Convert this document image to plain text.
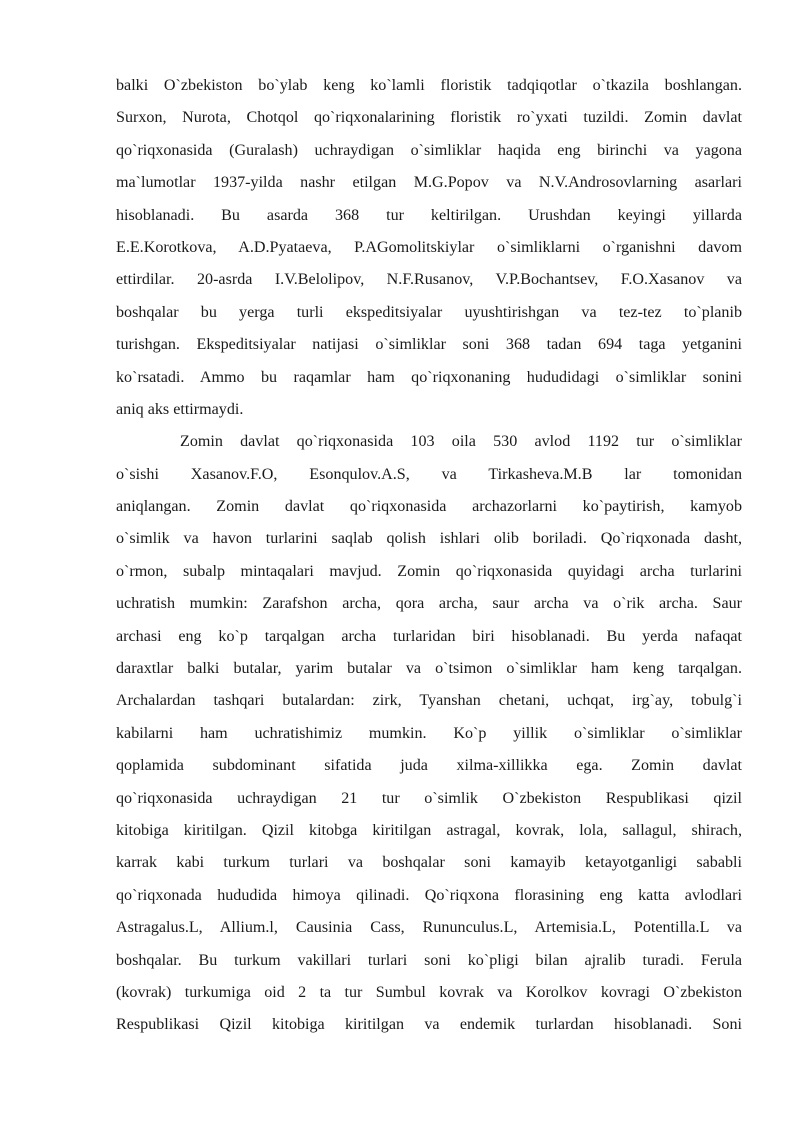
balki O`zbekiston bo`ylab keng ko`lamli floristik tadqiqotlar o`tkazila boshlangan.
Surxon, Nurota, Chotqol qo`riqxonalarining floristik ro`yxati tuzildi. Zomin davlat
qo`riqxonasida (Guralash) uchraydigan o`simliklar haqida eng birinchi va yagona
ma`lumotlar 1937-yilda nashr etilgan M.G.Popov va N.V.Androsovlarning asarlari
hisoblanadi. Bu asarda 368 tur keltirilgan. Urushdan keyingi yillarda
E.E.Korotkova, A.D.Pyataeva, P.AGomolitskiylar o`simliklarni o`rganishni davom
ettirdilar. 20-asrda I.V.Belolipov, N.F.Rusanov, V.P.Bochantsev, F.O.Xasanov va
boshqalar bu yerga turli ekspeditsiyalar uyushtirishgan va tez-tez to`planib
turishgan. Ekspeditsiyalar natijasi o`simliklar soni 368 tadan 694 taga yetganini
ko`rsatadi. Ammo bu raqamlar ham qo`riqxonaning hududidagi o`simliklar sonini
aniq aks ettirmaydi.
Zomin davlat qo`riqxonasida 103 oila 530 avlod 1192 tur o`simliklar
o`sishi Xasanov.F.O, Esonqulov.A.S, va Tirkasheva.M.B lar tomonidan
aniqlangan. Zomin davlat qo`riqxonasida archazorlarni ko`paytirish, kamyob
o`simlik va havon turlarini saqlab qolish ishlari olib boriladi. Qo`riqxonada dasht,
o`rmon, subalp mintaqalari mavjud. Zomin qo`riqxonasida quyidagi archa turlarini
uchratish mumkin: Zarafshon archa, qora archa, saur archa va o`rik archa. Saur
archasi eng ko`p tarqalgan archa turlaridan biri hisoblanadi. Bu yerda nafaqat
daraxtlar balki butalar, yarim butalar va o`tsimon o`simliklar ham keng tarqalgan.
Archalardan tashqari butalardan: zirk, Tyanshan chetani, uchqat, irg`ay, tobulg`i
kabilarni ham uchratishimiz mumkin. Ko`p yillik o`simliklar o`simliklar
qoplamida subdominant sifatida juda xilma-xillikka ega. Zomin davlat
qo`riqxonasida uchraydigan 21 tur o`simlik O`zbekiston Respublikasi qizil
kitobiga kiritilgan. Qizil kitobga kiritilgan astragal, kovrak, lola, sallagul, shirach,
karrak kabi turkum turlari va boshqalar soni kamayib ketayotganligi sababli
qo`riqxonada hududida himoya qilinadi. Qo`riqxona florasining eng katta avlodlari
Astragalus.L, Allium.l, Causinia Cass, Rununculus.L, Artemisia.L, Potentilla.L va
boshqalar. Bu turkum vakillari turlari soni ko`pligi bilan ajralib turadi. Ferula
(kovrak) turkumiga oid 2 ta tur Sumbul kovrak va Korolkov kovragi O`zbekiston
Respublikasi Qizil kitobiga kiritilgan va endemik turlardan hisoblanadi. Soni
